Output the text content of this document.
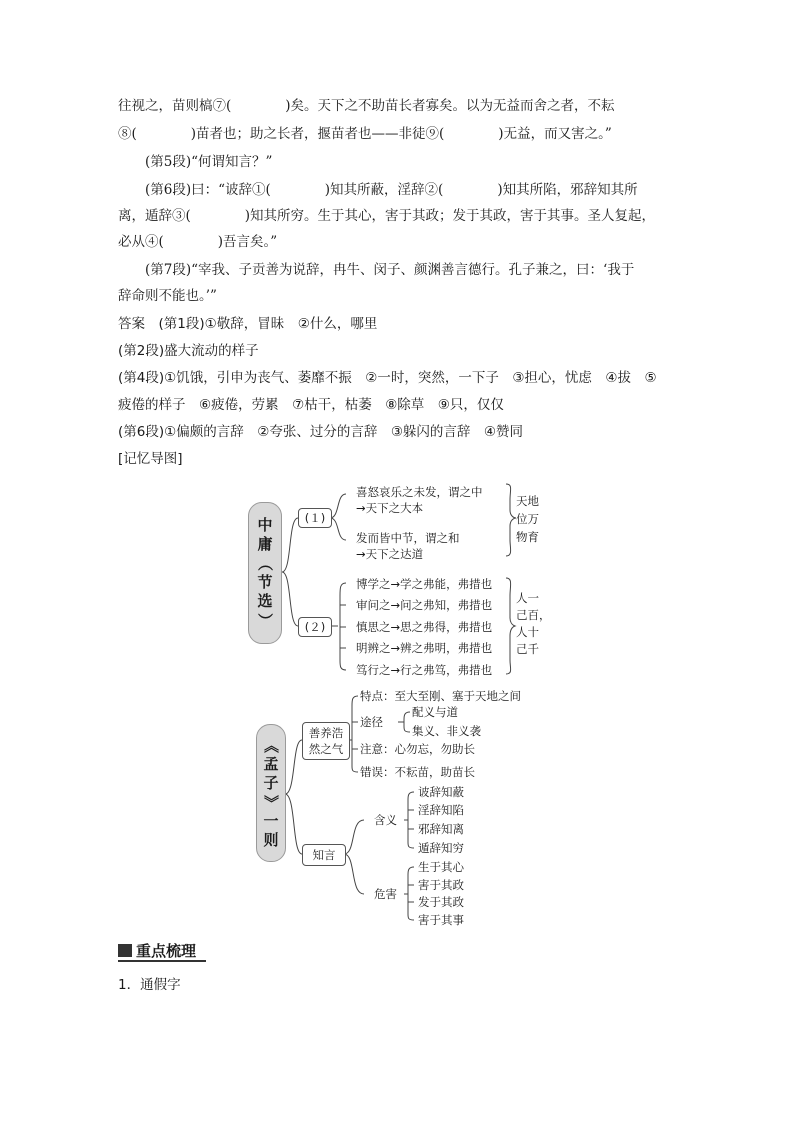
往视之，苗则槁⑦(　　　　)矣。天下之不助苗长者寡矣。以为无益而舍之者，不耘
⑧(　　　　)苗者也；助之长者，揠苗者也——非徒⑨(　　　　)无益，而又害之。”
(第5段)“何谓知言？”
(第6段)曰：“诐辞①(　　　　)知其所蔽，淫辞②(　　　　)知其所陷，邪辞知其所
离，遁辞③(　　　　)知其所穷。生于其心，害于其政；发于其政，害于其事。圣人复起，
必从④(　　　　)吾言矣。”
(第7段)“宰我、子贡善为说辞，冉牛、闵子、颜渊善言德行。孔子兼之，曰：‘我于
辞命则不能也。’”
答案　(第1段)①敬辞，冒昧　②什么，哪里
(第2段)盛大流动的样子
(第4段)①饥饿，引申为丧气、萎靡不振　②一时，突然，一下子　③担心，忧虑　④拔　⑤
疲倦的样子　⑥疲倦，劳累　⑦枯干，枯萎　⑧除草　⑨只，仅仅
(第6段)①偏颇的言辞　②夸张、过分的言辞　③躲闪的言辞　④赞同
[记忆导图]
中
庸
（
节
选
）
(１)
喜怒哀乐之未发，谓之中
→天下之大本
发而皆中节，谓之和
→天下之达道
天地
位万
物育
(２)
博学之→学之弗能，弗措也
审问之→问之弗知，弗措也
慎思之→思之弗得，弗措也
明辨之→辨之弗明，弗措也
笃行之→行之弗笃，弗措也
人一
己百，
人十
己千
《
孟
子
》
一
则
善养浩
然之气
特点：至大至刚、塞于天地之间
途径
配义与道
集义、非义袭
注意：心勿忘，勿助长
错误：不耘苗，助苗长
知言
含义
诐辞知蔽
淫辞知陷
邪辞知离
遁辞知穷
危害
生于其心
害于其政
发于其政
害于其事
重点梳理
1．通假字
